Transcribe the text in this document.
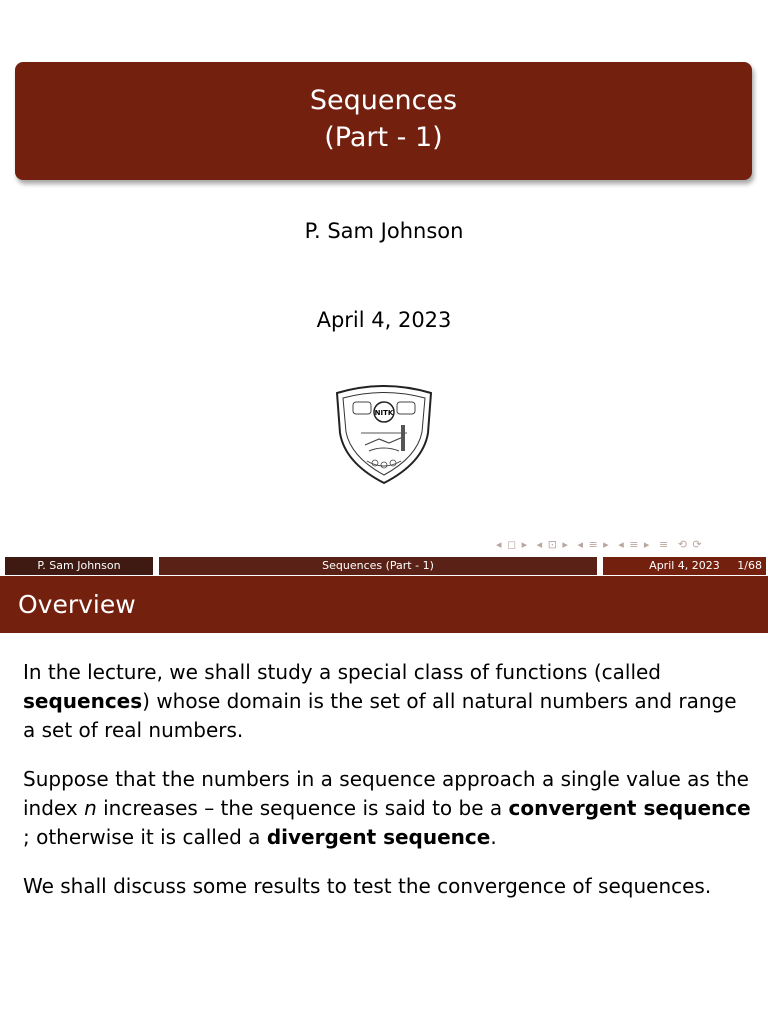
Sequences
(Part - 1)
P. Sam Johnson
April 4, 2023
NITK
◂ ◻ ▸ ◂ ⊡ ▸ ◂ ≡ ▸ ◂ ≡ ▸ ≡ ⟲ ⟳
P. Sam Johnson	Sequences (Part - 1)	April 4, 2023 1/68
Overview

In the lecture, we shall study a special class of functions (called sequences) whose domain is the set of all natural numbers and range a set of real numbers.

Suppose that the numbers in a sequence approach a single value as the index n increases – the sequence is said to be a convergent sequence ; otherwise it is called a divergent sequence.

We shall discuss some results to test the convergence of sequences.
